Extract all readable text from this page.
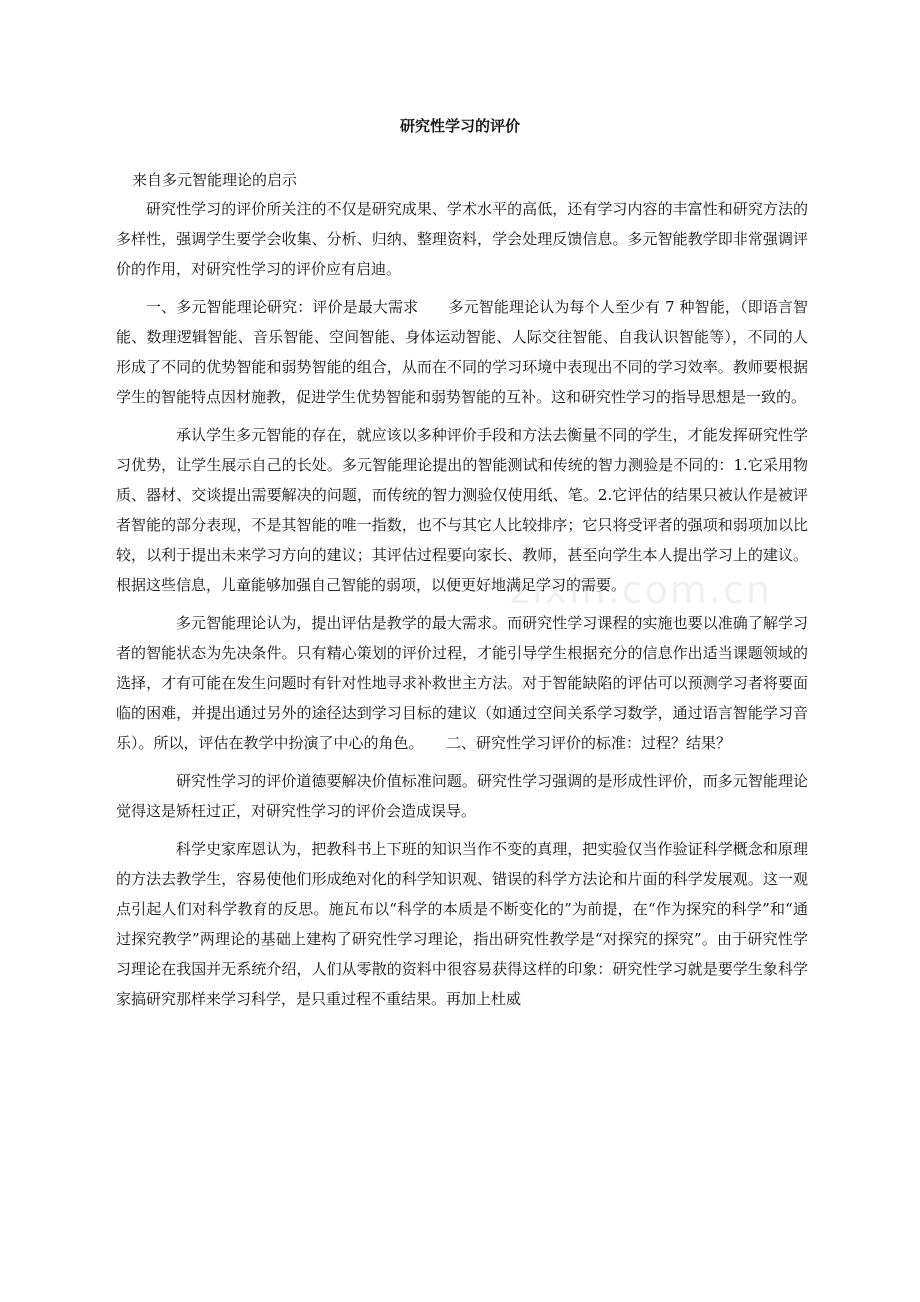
研究性学习的评价
来自多元智能理论的启示

研究性学习的评价所关注的不仅是研究成果、学术水平的高低，还有学习内容的丰富性和研究方法的多样性，强调学生要学会收集、分析、归纳、整理资料，学会处理反馈信息。多元智能教学即非常强调评价的作用，对研究性学习的评价应有启迪。

一、多元智能理论研究：评价是最大需求　　多元智能理论认为每个人至少有 7 种智能，（即语言智能、数理逻辑智能、音乐智能、空间智能、身体运动智能、人际交往智能、自我认识智能等），不同的人形成了不同的优势智能和弱势智能的组合，从而在不同的学习环境中表现出不同的学习效率。教师要根据学生的智能特点因材施教，促进学生优势智能和弱势智能的互补。这和研究性学习的指导思想是一致的。

承认学生多元智能的存在，就应该以多种评价手段和方法去衡量不同的学生，才能发挥研究性学习优势，让学生展示自己的长处。多元智能理论提出的智能测试和传统的智力测验是不同的：1.它采用物质、器材、交谈提出需要解决的问题，而传统的智力测验仅使用纸、笔。2.它评估的结果只被认作是被评者智能的部分表现，不是其智能的唯一指数，也不与其它人比较排序；它只将受评者的强项和弱项加以比较，以利于提出未来学习方向的建议；其评估过程要向家长、教师，甚至向学生本人提出学习上的建议。根据这些信息，儿童能够加强自己智能的弱项，以便更好地满足学习的需要。

多元智能理论认为，提出评估是教学的最大需求。而研究性学习课程的实施也要以准确了解学习者的智能状态为先决条件。只有精心策划的评价过程，才能引导学生根据充分的信息作出适当课题领域的选择，才有可能在发生问题时有针对性地寻求补救世主方法。对于智能缺陷的评估可以预测学习者将要面临的困难，并提出通过另外的途径达到学习目标的建议（如通过空间关系学习数学，通过语言智能学习音乐）。所以，评估在教学中扮演了中心的角色。　　二、研究性学习评价的标准：过程？结果？

研究性学习的评价道德要解决价值标准问题。研究性学习强调的是形成性评价，而多元智能理论觉得这是矫枉过正，对研究性学习的评价会造成误导。

科学史家库恩认为，把教科书上下班的知识当作不变的真理，把实验仅当作验证科学概念和原理的方法去教学生，容易使他们形成绝对化的科学知识观、错误的科学方法论和片面的科学发展观。这一观点引起人们对科学教育的反思。施瓦布以“科学的本质是不断变化的”为前提，在“作为探究的科学”和“通过探究教学”两理论的基础上建构了研究性学习理论，指出研究性教学是“对探究的探究”。由于研究性学习理论在我国并无系统介绍，人们从零散的资料中很容易获得这样的印象：研究性学习就是要学生象科学家搞研究那样来学习科学，是只重过程不重结果。再加上杜威

zixin.com.cn
